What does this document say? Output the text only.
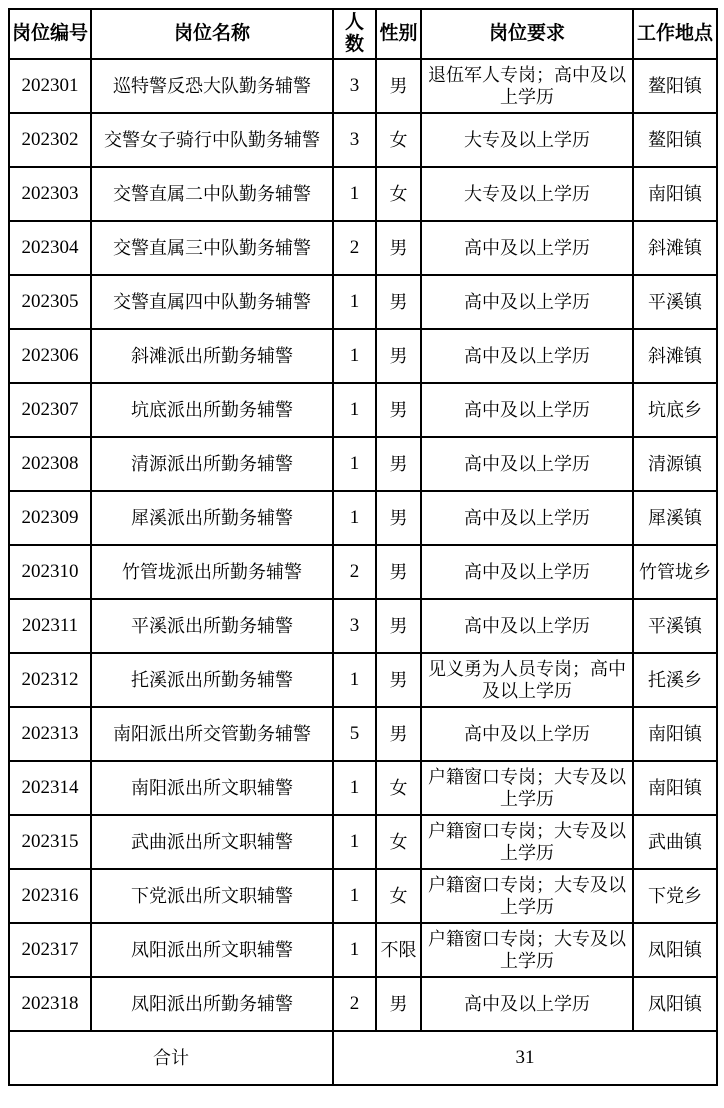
岗位编号	岗位名称	人数	性别	岗位要求	工作地点
202301	巡特警反恐大队勤务辅警	3	男	退伍军人专岗；高中及以上学历	鳌阳镇
202302	交警女子骑行中队勤务辅警	3	女	大专及以上学历	鳌阳镇
202303	交警直属二中队勤务辅警	1	女	大专及以上学历	南阳镇
202304	交警直属三中队勤务辅警	2	男	高中及以上学历	斜滩镇
202305	交警直属四中队勤务辅警	1	男	高中及以上学历	平溪镇
202306	斜滩派出所勤务辅警	1	男	高中及以上学历	斜滩镇
202307	坑底派出所勤务辅警	1	男	高中及以上学历	坑底乡
202308	清源派出所勤务辅警	1	男	高中及以上学历	清源镇
202309	犀溪派出所勤务辅警	1	男	高中及以上学历	犀溪镇
202310	竹管垅派出所勤务辅警	2	男	高中及以上学历	竹管垅乡
202311	平溪派出所勤务辅警	3	男	高中及以上学历	平溪镇
202312	托溪派出所勤务辅警	1	男	见义勇为人员专岗；高中及以上学历	托溪乡
202313	南阳派出所交管勤务辅警	5	男	高中及以上学历	南阳镇
202314	南阳派出所文职辅警	1	女	户籍窗口专岗；大专及以上学历	南阳镇
202315	武曲派出所文职辅警	1	女	户籍窗口专岗；大专及以上学历	武曲镇
202316	下党派出所文职辅警	1	女	户籍窗口专岗；大专及以上学历	下党乡
202317	凤阳派出所文职辅警	1	不限	户籍窗口专岗；大专及以上学历	凤阳镇
202318	凤阳派出所勤务辅警	2	男	高中及以上学历	凤阳镇
合计		31			
